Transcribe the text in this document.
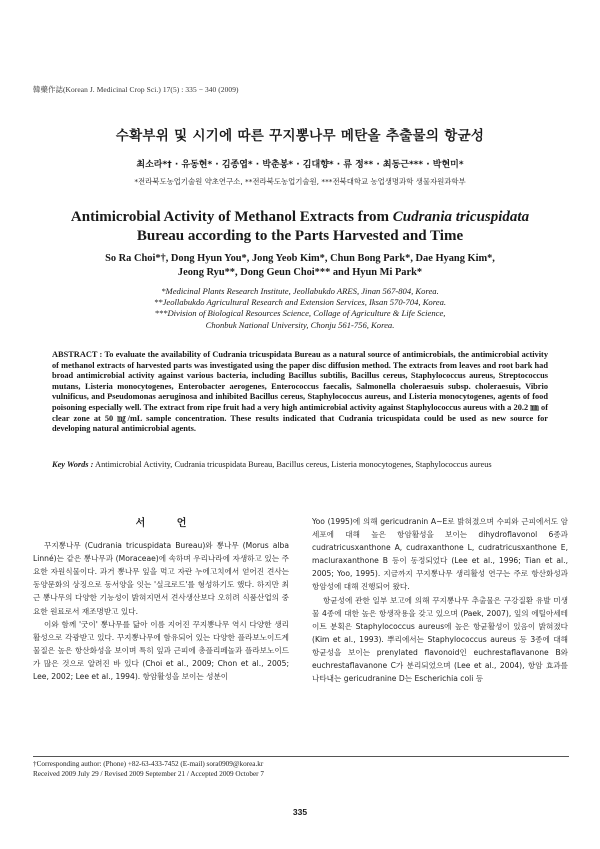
韓藥作誌(Korean J. Medicinal Crop Sci.) 17(5) : 335 − 340 (2009)
수확부위 및 시기에 따른 꾸지뽕나무 메탄올 추출물의 항균성
최소라*† · 유동현* · 김종엽* · 박춘봉* · 김대향* · 류 정** · 최동근*** · 박현미*
*전라북도농업기술원 약초연구소, **전라북도농업기술원, ***전북대학교 농업생명과학 생물자원과학부
Antimicrobial Activity of Methanol Extracts from Cudrania tricuspidata
Bureau according to the Parts Harvested and Time
So Ra Choi*†, Dong Hyun You*, Jong Yeob Kim*, Chun Bong Park*, Dae Hyang Kim*,
Jeong Ryu**, Dong Geun Choi*** and Hyun Mi Park*
*Medicinal Plants Research Institute, Jeollabukdo ARES, Jinan 567-804, Korea.
**Jeollabukdo Agricultural Research and Extension Services, Iksan 570-704, Korea.
***Division of Biological Resources Science, Collage of Agriculture & Life Science,
Chonbuk National University, Chonju 561-756, Korea.
ABSTRACT : To evaluate the availability of Cudrania tricuspidata Bureau as a natural source of antimicrobials, the antimicrobial activity of methanol extracts of harvested parts was investigated using the paper disc diffusion method. The extracts from leaves and root bark had broad antimicrobial activity against various bacteria, including Bacillus subtilis, Bacillus cereus, Staphylococcus aureus, Streptococcus mutans, Listeria monocytogenes, Enterobacter aerogenes, Enterococcus faecalis, Salmonella choleraesuis subsp. choleraesuis, Vibrio vulnificus, and Pseudomonas aeruginosa and inhibited Bacillus cereus, Staphylococcus aureus, and Listeria monocytogenes, agents of food poisoning especially well. The extract from ripe fruit had a very high antimicrobial activity against Staphylococcus aureus with a 20.2 ㎜ of clear zone at 50 ㎎/mL sample concentration. These results indicated that Cudrania tricuspidata could be used as new source for developing natural antimicrobial agents.
Key Words : Antimicrobial Activity, Cudrania tricuspidata Bureau, Bacillus cereus, Listeria monocytogenes, Staphylococcus aureus
서 언

꾸지뽕나무 (Cudrania tricuspidata Bureau)와 뽕나무 (Morus alba Linné)는 같은 뽕나무과 (Moraceae)에 속하며 우리나라에 자생하고 있는 주요한 자원식물이다. 과거 뽕나무 잎을 먹고 자란 누에고치에서 얻어진 견사는 동양문화의 상징으로 동서양을 잇는 '실크로드'를 형성하기도 했다. 하지만 최근 뽕나무의 다양한 기능성이 밝혀지면서 견사생산보다 오히려 식품산업의 중요한 원료로서 재조명받고 있다.

이와 함께 '굿이' 뽕나무를 닮아 이름 지어진 꾸지뽕나무 역시 다양한 생리활성으로 각광받고 있다. 꾸지뽕나무에 함유되어 있는 다양한 플라보노이드계 물질은 높은 항산화성을 보이며 특히 잎과 근피에 총플리페놀과 플라보노이드가 많은 것으로 알려진 바 있다 (Choi et al., 2009; Chon et al., 2005; Lee, 2002; Lee et al., 1994). 항암활성을 보이는 성분이

Yoo (1995)에 의해 gericudranin A~E로 밝혀졌으며 수피와 근피에서도 암세포에 대해 높은 항암활성을 보이는 dihydroflavonol 6종과 cudratricusxanthone A, cudraxanthone L, cudratricusxanthone E, macluraxanthone B 등이 동정되었다 (Lee et al., 1996; Tian et al., 2005; Yoo, 1995). 지금까지 꾸지뽕나무 생리활성 연구는 주로 항산화성과 항암성에 대해 진행되어 왔다.

항균성에 관한 일부 보고에 의해 꾸지뽕나무 추출물은 구강질환 유발 미생물 4종에 대한 높은 항생작용을 갖고 있으며 (Paek, 2007), 잎의 에틸아세테이트 분획은 Staphylococcus aureus에 높은 항균활성이 있음이 밝혀졌다 (Kim et al., 1993). 뿌리에서는 Staphylococcus aureus 등 3종에 대해 항균성을 보이는 prenylated flavonoid인 euchrestaflavanone B와 euchrestaflavanone C가 분리되었으며 (Lee et al., 2004), 항암 효과를 나타내는 gericudranine D는 Escherichia coli 등

†Corresponding author: (Phone) +82-63-433-7452 (E-mail) sora0909@korea.kr
Received 2009 July 29 / Revised 2009 September 21 / Accepted 2009 October 7
335
